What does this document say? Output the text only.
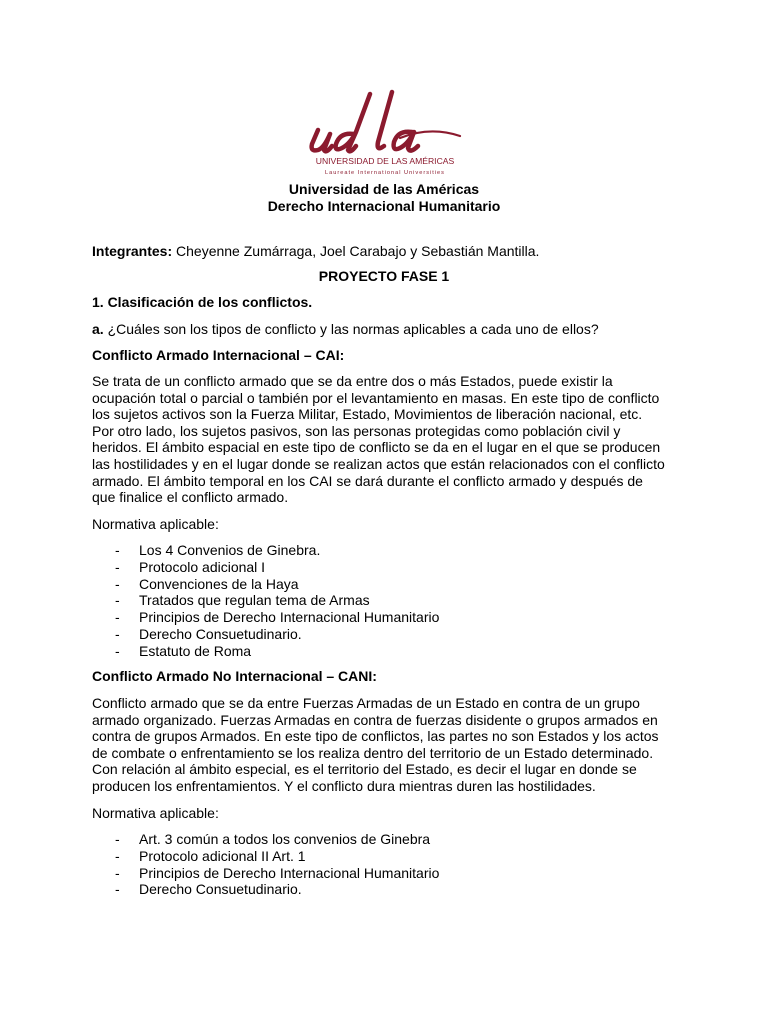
UNIVERSIDAD DE LAS AMÉRICAS
Laureate International Universities
Universidad de las Américas
Derecho Internacional Humanitario
Integrantes: Cheyenne Zumárraga, Joel Carabajo y Sebastián Mantilla.
PROYECTO FASE 1
1. Clasificación de los conflictos.
a. ¿Cuáles son los tipos de conflicto y las normas aplicables a cada uno de ellos?
Conflicto Armado Internacional – CAI:
Se trata de un conflicto armado que se da entre dos o más Estados, puede existir la
ocupación total o parcial o también por el levantamiento en masas. En este tipo de conflicto
los sujetos activos son la Fuerza Militar, Estado, Movimientos de liberación nacional, etc.
Por otro lado, los sujetos pasivos, son las personas protegidas como población civil y
heridos. El ámbito espacial en este tipo de conflicto se da en el lugar en el que se producen
las hostilidades y en el lugar donde se realizan actos que están relacionados con el conflicto
armado. El ámbito temporal en los CAI se dará durante el conflicto armado y después de
que finalice el conflicto armado.
Normativa aplicable:
- Los 4 Convenios de Ginebra.
- Protocolo adicional I
- Convenciones de la Haya
- Tratados que regulan tema de Armas
- Principios de Derecho Internacional Humanitario
- Derecho Consuetudinario.
- Estatuto de Roma
Conflicto Armado No Internacional – CANI:
Conflicto armado que se da entre Fuerzas Armadas de un Estado en contra de un grupo
armado organizado. Fuerzas Armadas en contra de fuerzas disidente o grupos armados en
contra de grupos Armados. En este tipo de conflictos, las partes no son Estados y los actos
de combate o enfrentamiento se los realiza dentro del territorio de un Estado determinado.
Con relación al ámbito especial, es el territorio del Estado, es decir el lugar en donde se
producen los enfrentamientos. Y el conflicto dura mientras duren las hostilidades.
Normativa aplicable:
- Art. 3 común a todos los convenios de Ginebra
- Protocolo adicional II Art. 1
- Principios de Derecho Internacional Humanitario
- Derecho Consuetudinario.
